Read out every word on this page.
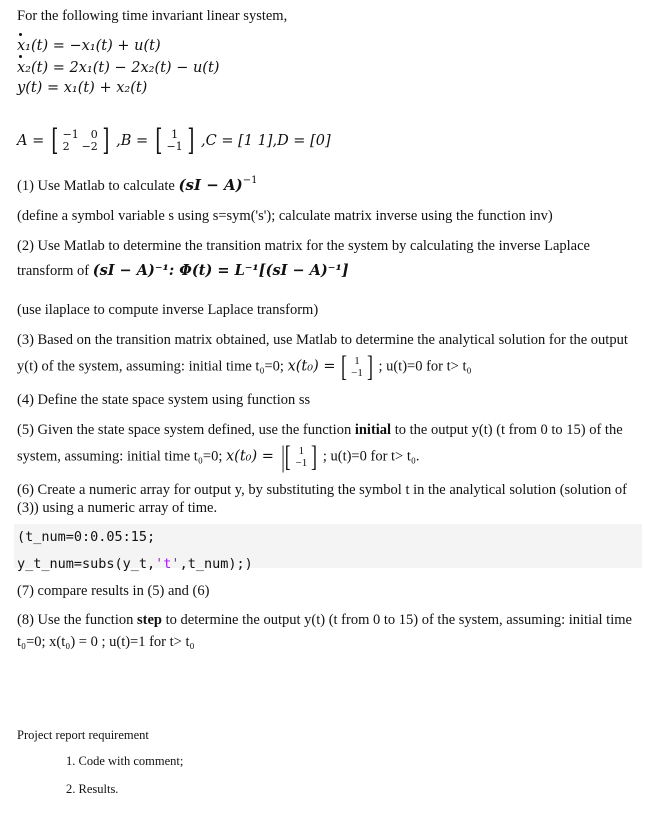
For the following time invariant linear system,
x₁(t) = −x₁(t) + u(t)
x₂(t) = 2x₁(t) − 2x₂(t) − u(t)
y(t) = x₁(t) + x₂(t)
A = [ −1 0
2 −2 ] ,B = [ 1
−1 ] ,C = [1 1],D = [0]
(1) Use Matlab to calculate (sI − A)$^{-1}$
(define a symbol variable s using s=sym('s'); calculate matrix inverse using the function inv)
(2) Use Matlab to determine the transition matrix for the system by calculating the inverse Laplace
transform of (sI − A)⁻¹: Φ(t) = L⁻¹[(sI − A)⁻¹]
(use ilaplace to compute inverse Laplace transform)
(3) Based on the transition matrix obtained, use Matlab to determine the analytical solution for the output
y(t) of the system, assuming: initial time t₀=0; x(t₀) = [ 1
−1 ] ; u(t)=0 for t> t₀
(4) Define the state space system using function ss
(5) Given the state space system defined, use the function initial to the output y(t) (t from 0 to 15) of the
system, assuming: initial time t₀=0; x(t₀) = |[ 1
−1 ] ; u(t)=0 for t> t₀.
(6) Create a numeric array for output y, by substituting the symbol t in the analytical solution (solution of
(3)) using a numeric array of time.
(t_num=0:0.05:15;
y_t_num=subs(y_t,'t',t_num);)
(7) compare results in (5) and (6)
(8) Use the function step to determine the output y(t) (t from 0 to 15) of the system, assuming: initial time
t₀=0; x(t₀) = 0 ; u(t)=1 for t> t₀
Project report requirement
1. Code with comment;
2. Results.
